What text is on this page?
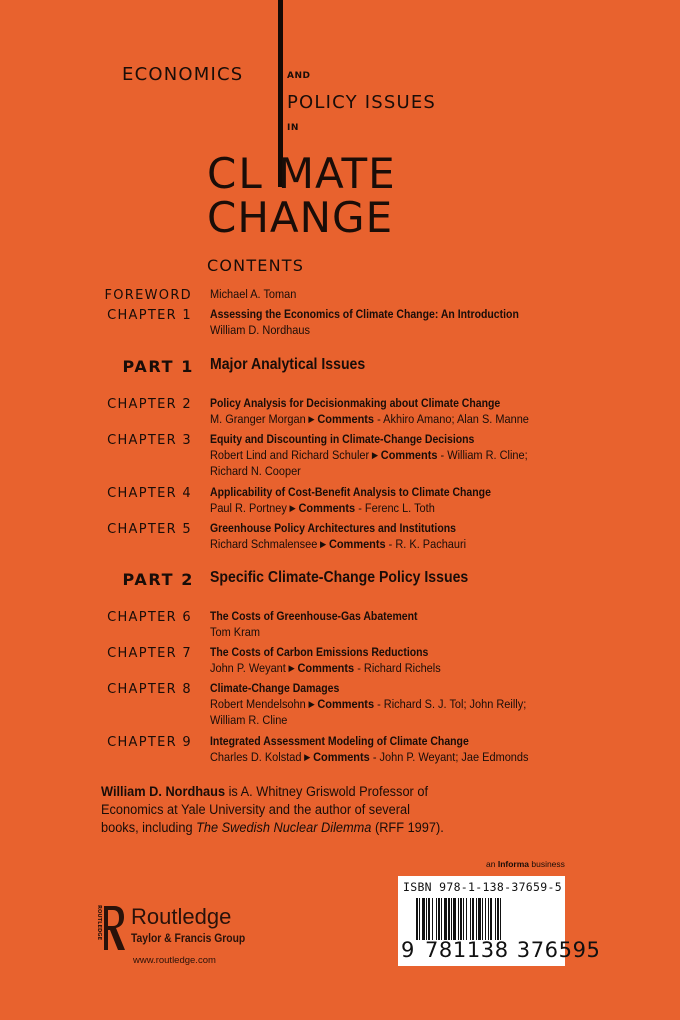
ECONOMICS	AND
POLICY ISSUES
IN
CL MATE
CHANGE
CONTENTS
FOREWORD Michael A. Toman
CHAPTER 1 Assessing the Economics of Climate Change: An Introduction
William D. Nordhaus
PART 1 Major Analytical Issues
CHAPTER 2 Policy Analysis for Decisionmaking about Climate Change
M. Granger Morgan ▶ Comments - Akhiro Amano; Alan S. Manne
CHAPTER 3 Equity and Discounting in Climate-Change Decisions
Robert Lind and Richard Schuler ▶ Comments - William R. Cline;
Richard N. Cooper
CHAPTER 4 Applicability of Cost-Benefit Analysis to Climate Change
Paul R. Portney ▶ Comments - Ferenc L. Toth
CHAPTER 5 Greenhouse Policy Architectures and Institutions
Richard Schmalensee ▶ Comments - R. K. Pachauri
PART 2 Specific Climate-Change Policy Issues
CHAPTER 6 The Costs of Greenhouse-Gas Abatement
Tom Kram
CHAPTER 7 The Costs of Carbon Emissions Reductions
John P. Weyant ▶ Comments - Richard Richels
CHAPTER 8 Climate-Change Damages
Robert Mendelsohn ▶ Comments - Richard S. J. Tol; John Reilly;
William R. Cline
CHAPTER 9 Integrated Assessment Modeling of Climate Change
Charles D. Kolstad ▶ Comments - John P. Weyant; Jae Edmonds
William D. Nordhaus is A. Whitney Griswold Professor of
Economics at Yale University and the author of several
books, including The Swedish Nuclear Dilemma (RFF 1997).
an Informa business
ISBN 978-1-138-37659-5
9 781138 376595
ROUTLEDGE Routledge
Taylor & Francis Group
www.routledge.com
